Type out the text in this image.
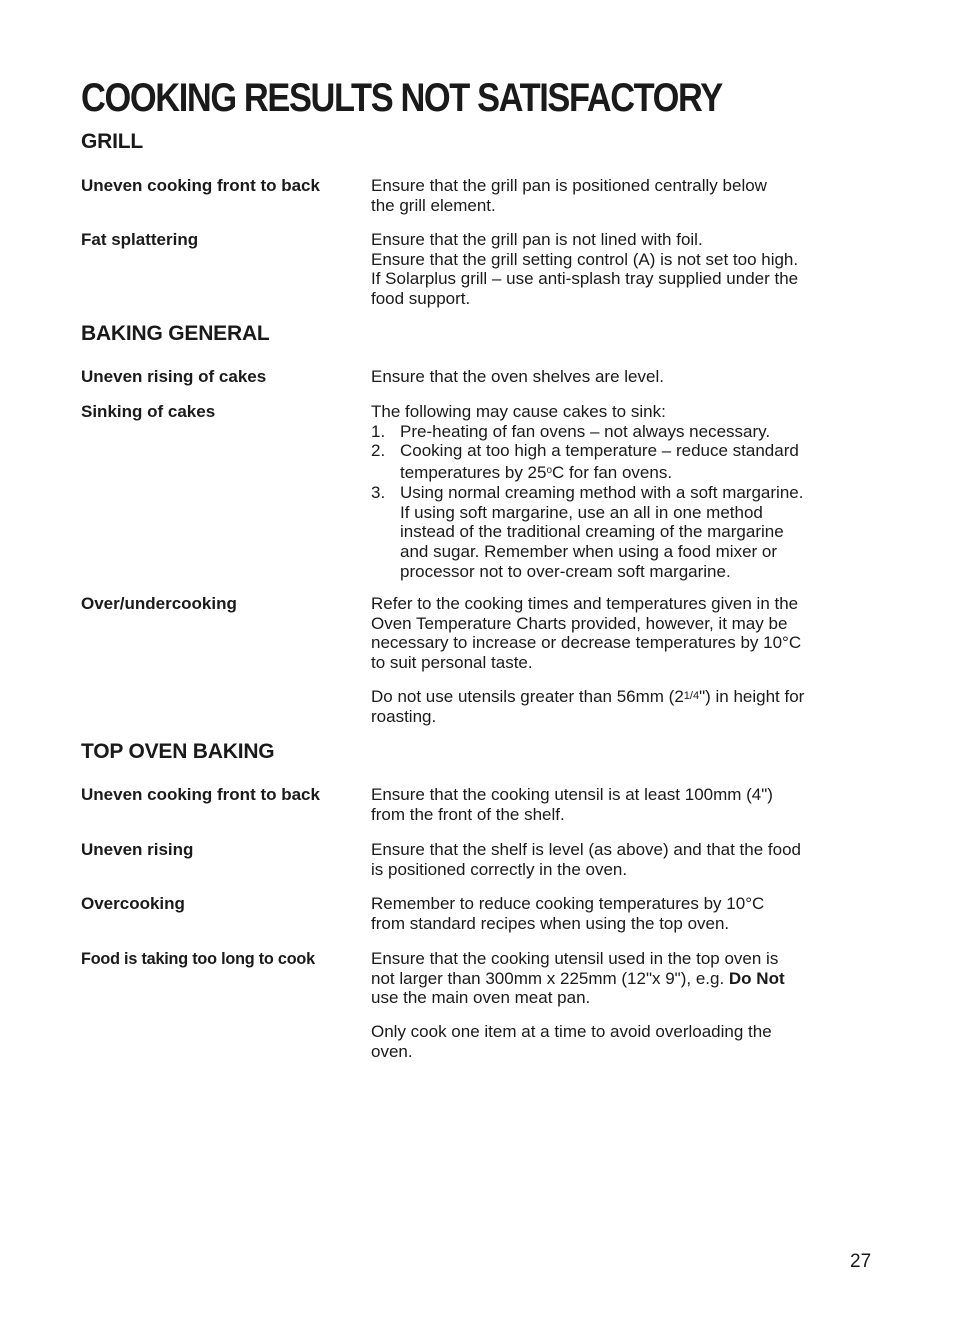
COOKING RESULTS NOT SATISFACTORY
GRILL
Uneven cooking front to back	Ensure that the grill pan is positioned centrally below

the grill element.

Fat splattering	Ensure that the grill pan is not lined with foil.

Ensure that the grill setting control (A) is not set too high.

If Solarplus grill – use anti-splash tray supplied under the

food support.

BAKING GENERAL
Uneven rising of cakes	Ensure that the oven shelves are level.

Sinking of cakes	The following may cause cakes to sink:

1. Pre-heating of fan ovens – not always necessary.
2. Cooking at too high a temperature – reduce standard
temperatures by 25$^o$C for fan ovens.
3. Using normal creaming method with a soft margarine.
If using soft margarine, use an all in one method
instead of the traditional creaming of the margarine
and sugar. Remember when using a food mixer or
processor not to over-cream soft margarine.
Over/undercooking	Refer to the cooking times and temperatures given in the

Oven Temperature Charts provided, however, it may be

necessary to increase or decrease temperatures by 10°C

to suit personal taste.

Do not use utensils greater than 56mm (21/4") in height for

roasting.

TOP OVEN BAKING
Uneven cooking front to back	Ensure that the cooking utensil is at least 100mm (4")

from the front of the shelf.

Uneven rising	Ensure that the shelf is level (as above) and that the food

is positioned correctly in the oven.

Overcooking	Remember to reduce cooking temperatures by 10°C

from standard recipes when using the top oven.

Food is taking too long to cook	Ensure that the cooking utensil used in the top oven is

not larger than 300mm x 225mm (12"x 9"), e.g. Do Not

use the main oven meat pan.

Only cook one item at a time to avoid overloading the

oven.

27
